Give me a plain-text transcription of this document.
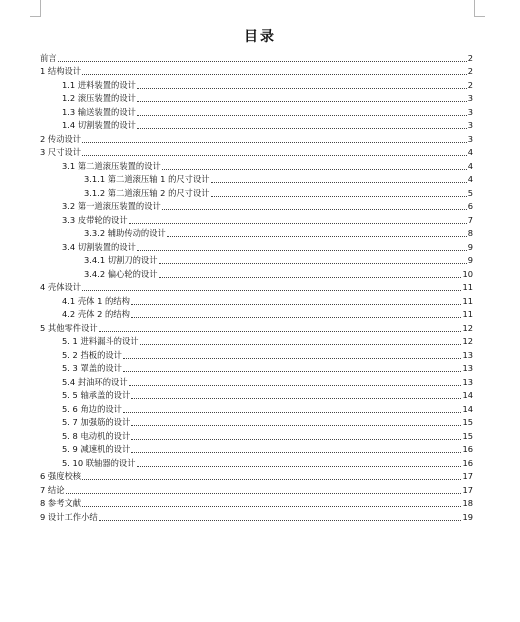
目录
前言	2
1 结构设计	2
1.1 进料装置的设计	2
1.2 滚压装置的设计	3
1.3 输送装置的设计	3
1.4 切割装置的设计	3
2 传动设计	3
3 尺寸设计	4
3.1 第二道滚压装置的设计	4
3.1.1 第二道滚压轴 1 的尺寸设计	4
3.1.2 第二道滚压轴 2 的尺寸设计	5
3.2 第一道滚压装置的设计	6
3.3 皮带轮的设计	7
3.3.2 辅助传动的设计	8
3.4 切割装置的设计	9
3.4.1 切割刀的设计	9
3.4.2 偏心轮的设计	10
4 壳体设计	11
4.1 壳体 1 的结构	11
4.2 壳体 2 的结构	11
5 其他零件设计	12
5. 1 进料漏斗的设计	12
5. 2 挡板的设计	13
5. 3 罩盖的设计	13
5.4 封油环的设计	13
5. 5 轴承盖的设计	14
5. 6 角边的设计	14
5. 7 加强筋的设计	15
5. 8 电动机的设计	15
5. 9 减速机的设计	16
5. 10 联轴器的设计	16
6 强度校核	17
7 结论	17
8 参考文献	18
9 设计工作小结	19
